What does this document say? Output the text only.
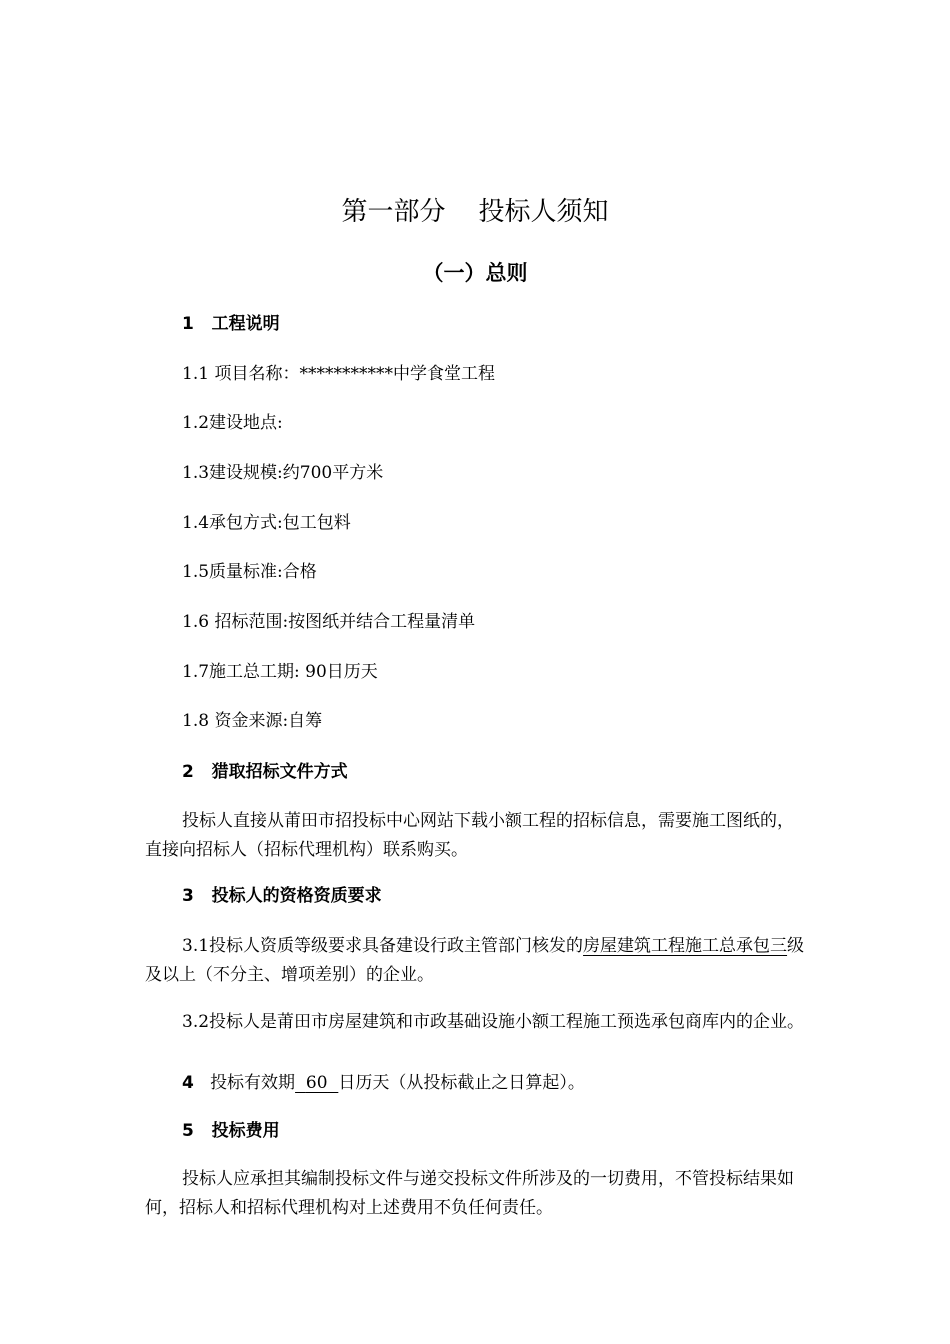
第一部分    投标人须知
（一）总则
1   工程说明
1.1 项目名称：***********中学食堂工程
1.2建设地点:
1.3建设规模:约700平方米
1.4承包方式:包工包料
1.5质量标准:合格
1.6 招标范围:按图纸并结合工程量清单
1.7施工总工期: 90日历天
1.8 资金来源:自筹
2   猎取招标文件方式
投标人直接从莆田市招投标中心网站下载小额工程的招标信息，需要施工图纸的，直接向招标人（招标代理机构）联系购买。
3   投标人的资格资质要求
3.1投标人资质等级要求具备建设行政主管部门核发的房屋建筑工程施工总承包三级及以上（不分主、增项差别）的企业。
3.2投标人是莆田市房屋建筑和市政基础设施小额工程施工预选承包商库内的企业。
4 投标有效期 60 日历天（从投标截止之日算起）。
5   投标费用
投标人应承担其编制投标文件与递交投标文件所涉及的一切费用，不管投标结果如何，招标人和招标代理机构对上述费用不负任何责任。
